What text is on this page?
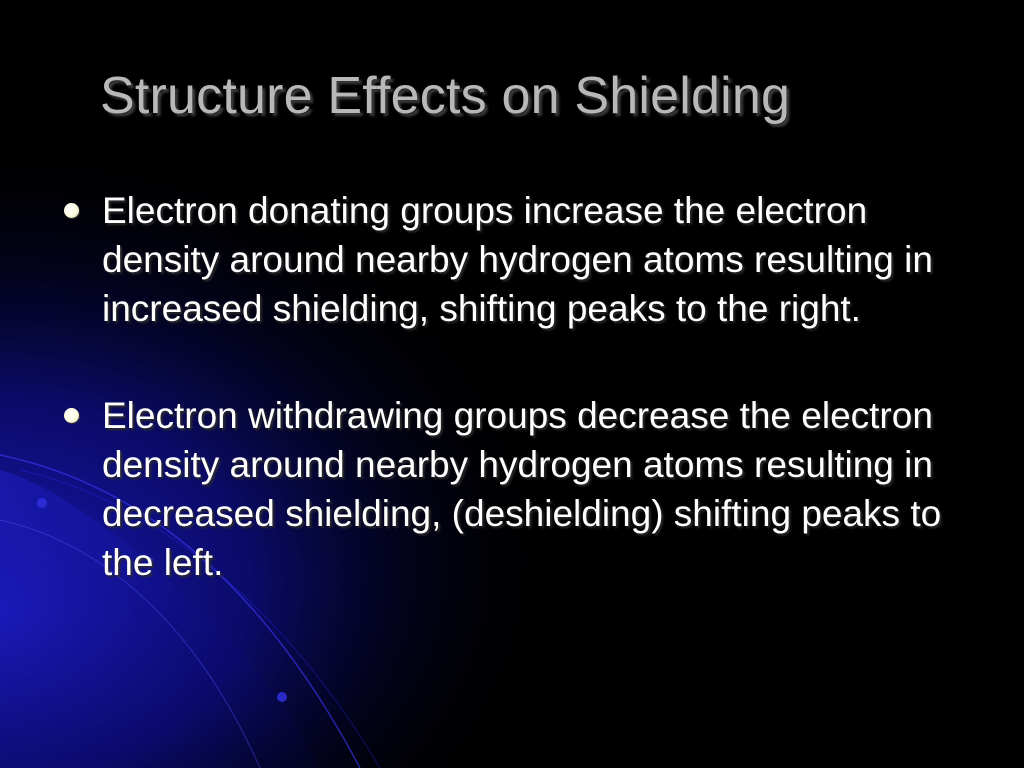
Structure Effects on Shielding
Electron donating groups increase the electron density around nearby hydrogen atoms resulting in increased shielding, shifting peaks to the right.
Electron withdrawing groups decrease the electron density around nearby hydrogen atoms resulting in decreased shielding, (deshielding) shifting peaks to the left.
